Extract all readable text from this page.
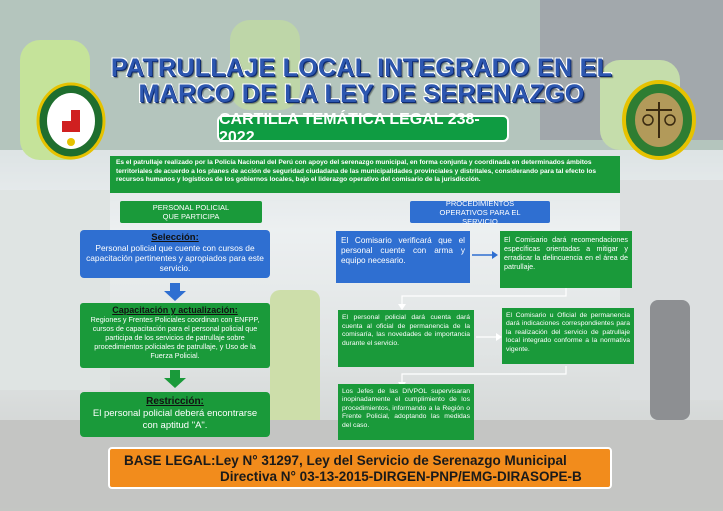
PATRULLAJE LOCAL INTEGRADO EN EL
MARCO DE LA LEY DE SERENAZGO
CARTILLA TEMÁTICA LEGAL 238-2022
Es el patrullaje realizado por la Policía Nacional del Perú con apoyo del serenazgo municipal, en forma conjunta y coordinada en determinados ámbitos territoriales de acuerdo a los planes de acción de seguridad ciudadana de las municipalidades provinciales y distritales, considerando para tal efecto los recursos humanos y logísticos de los gobiernos locales, bajo el liderazgo operativo del comisario de la jurisdicción.
PERSONAL POLICIAL QUE PARTICIPA
Selección:
Personal policial que cuente con cursos de capacitación pertinentes y apropiados para este servicio.
Capacitación y actualización:
Regiones y Frentes Policiales coordinan con ENFPP, cursos de capacitación para el personal policial que participa de los servicios de patrullaje sobre procedimientos policiales de patrullaje, y Uso de la Fuerza Policial.
Restricción:
El personal policial deberá encontrarse con aptitud "A".
PROCEDIMIENTOS OPERATIVOS PARA EL SERVICIO
El Comisario verificará que el personal cuente con arma y equipo necesario.
El Comisario dará recomendaciones específicas orientadas a mitigar y erradicar la delincuencia en el área de patrullaje.
El personal policial dará cuenta dará cuenta al oficial de permanencia de la comisaría, las novedades de importancia durante el servicio.
El Comisario u Oficial de permanencia dará indicaciones correspondientes para la realización del servicio de patrullaje local integrado conforme a la normativa vigente.
Los Jefes de las DIVPOL supervisaran inopinadamente el cumplimiento de los procedimientos, informando a la Región o Frente Policial, adoptando las medidas del caso.
BASE LEGAL:Ley N° 31297, Ley del Servicio de Serenazgo Municipal
Directiva N° 03-13-2015-DIRGEN-PNP/EMG-DIRASOPE-B
